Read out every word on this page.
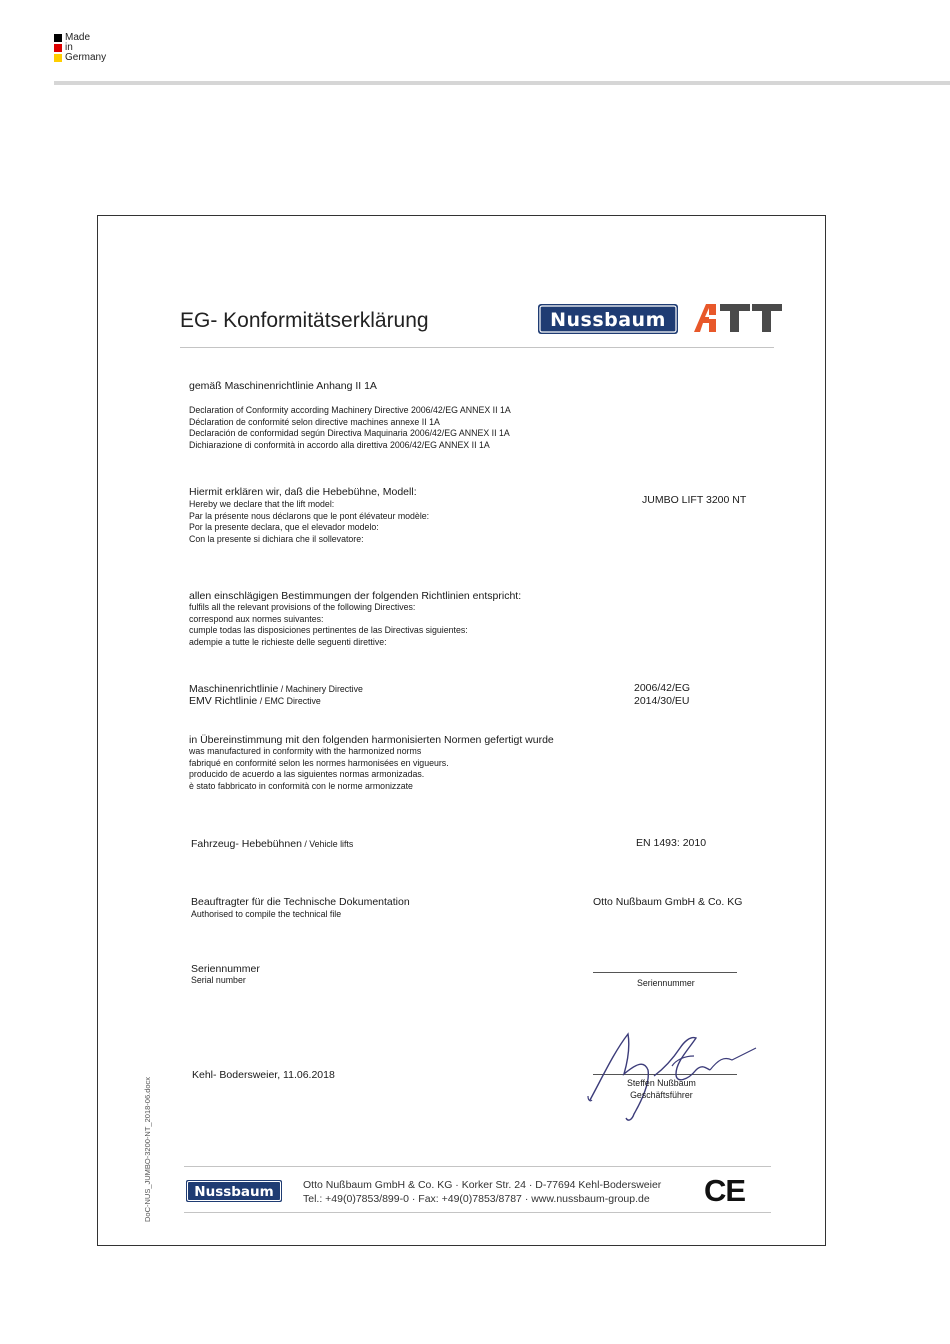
Made
in
Germany
EG- Konformitätserklärung	Nussbaum
ATT
gemäß Maschinenrichtlinie Anhang II 1A
Declaration of Conformity according Machinery Directive 2006/42/EG ANNEX II 1A
Déclaration de conformité selon directive machines annexe II 1A
Declaración de conformidad según Directiva Maquinaria 2006/42/EG ANNEX II 1A
Dichiarazione di conformità in accordo alla direttiva 2006/42/EG ANNEX II 1A
Hiermit erklären wir, daß die Hebebühne, Modell:
Hereby we declare that the lift model:
Par la présente nous déclarons que le pont élévateur modèle:
Por la presente declara, que el elevador modelo:
Con la presente si dichiara che il sollevatore:
JUMBO LIFT 3200 NT
allen einschlägigen Bestimmungen der folgenden Richtlinien entspricht:
fulfils all the relevant provisions of the following Directives:
correspond aux normes suivantes:
cumple todas las disposiciones pertinentes de las Directivas siguientes:
adempie a tutte le richieste delle seguenti direttive:
Maschinenrichtlinie / Machinery Directive	2006/42/EG
EMV Richtlinie / EMC Directive	2014/30/EU
in Übereinstimmung mit den folgenden harmonisierten Normen gefertigt wurde
was manufactured in conformity with the harmonized norms
fabriqué en conformité selon les normes harmonisées en vigueurs.
producido de acuerdo a las siguientes normas armonizadas.
è stato fabbricato in conformità con le norme armonizzate
Fahrzeug- Hebebühnen / Vehicle lifts	EN 1493: 2010
Beauftragter für die Technische Dokumentation
Authorised to compile the technical file
Otto Nußbaum GmbH & Co. KG
Seriennummer
Serial number	Seriennummer
Kehl- Bodersweier, 11.06.2018
Steffen Nußbaum
Geschäftsführer
Nussbaum	Otto Nußbaum GmbH & Co. KG · Korker Str. 24 · D-77694 Kehl-Bodersweier
Tel.: +49(0)7853/899-0 · Fax: +49(0)7853/8787 · www.nussbaum-group.de	CE
DoC-NUS_JUMBO-3200-NT_2018-06.docx
